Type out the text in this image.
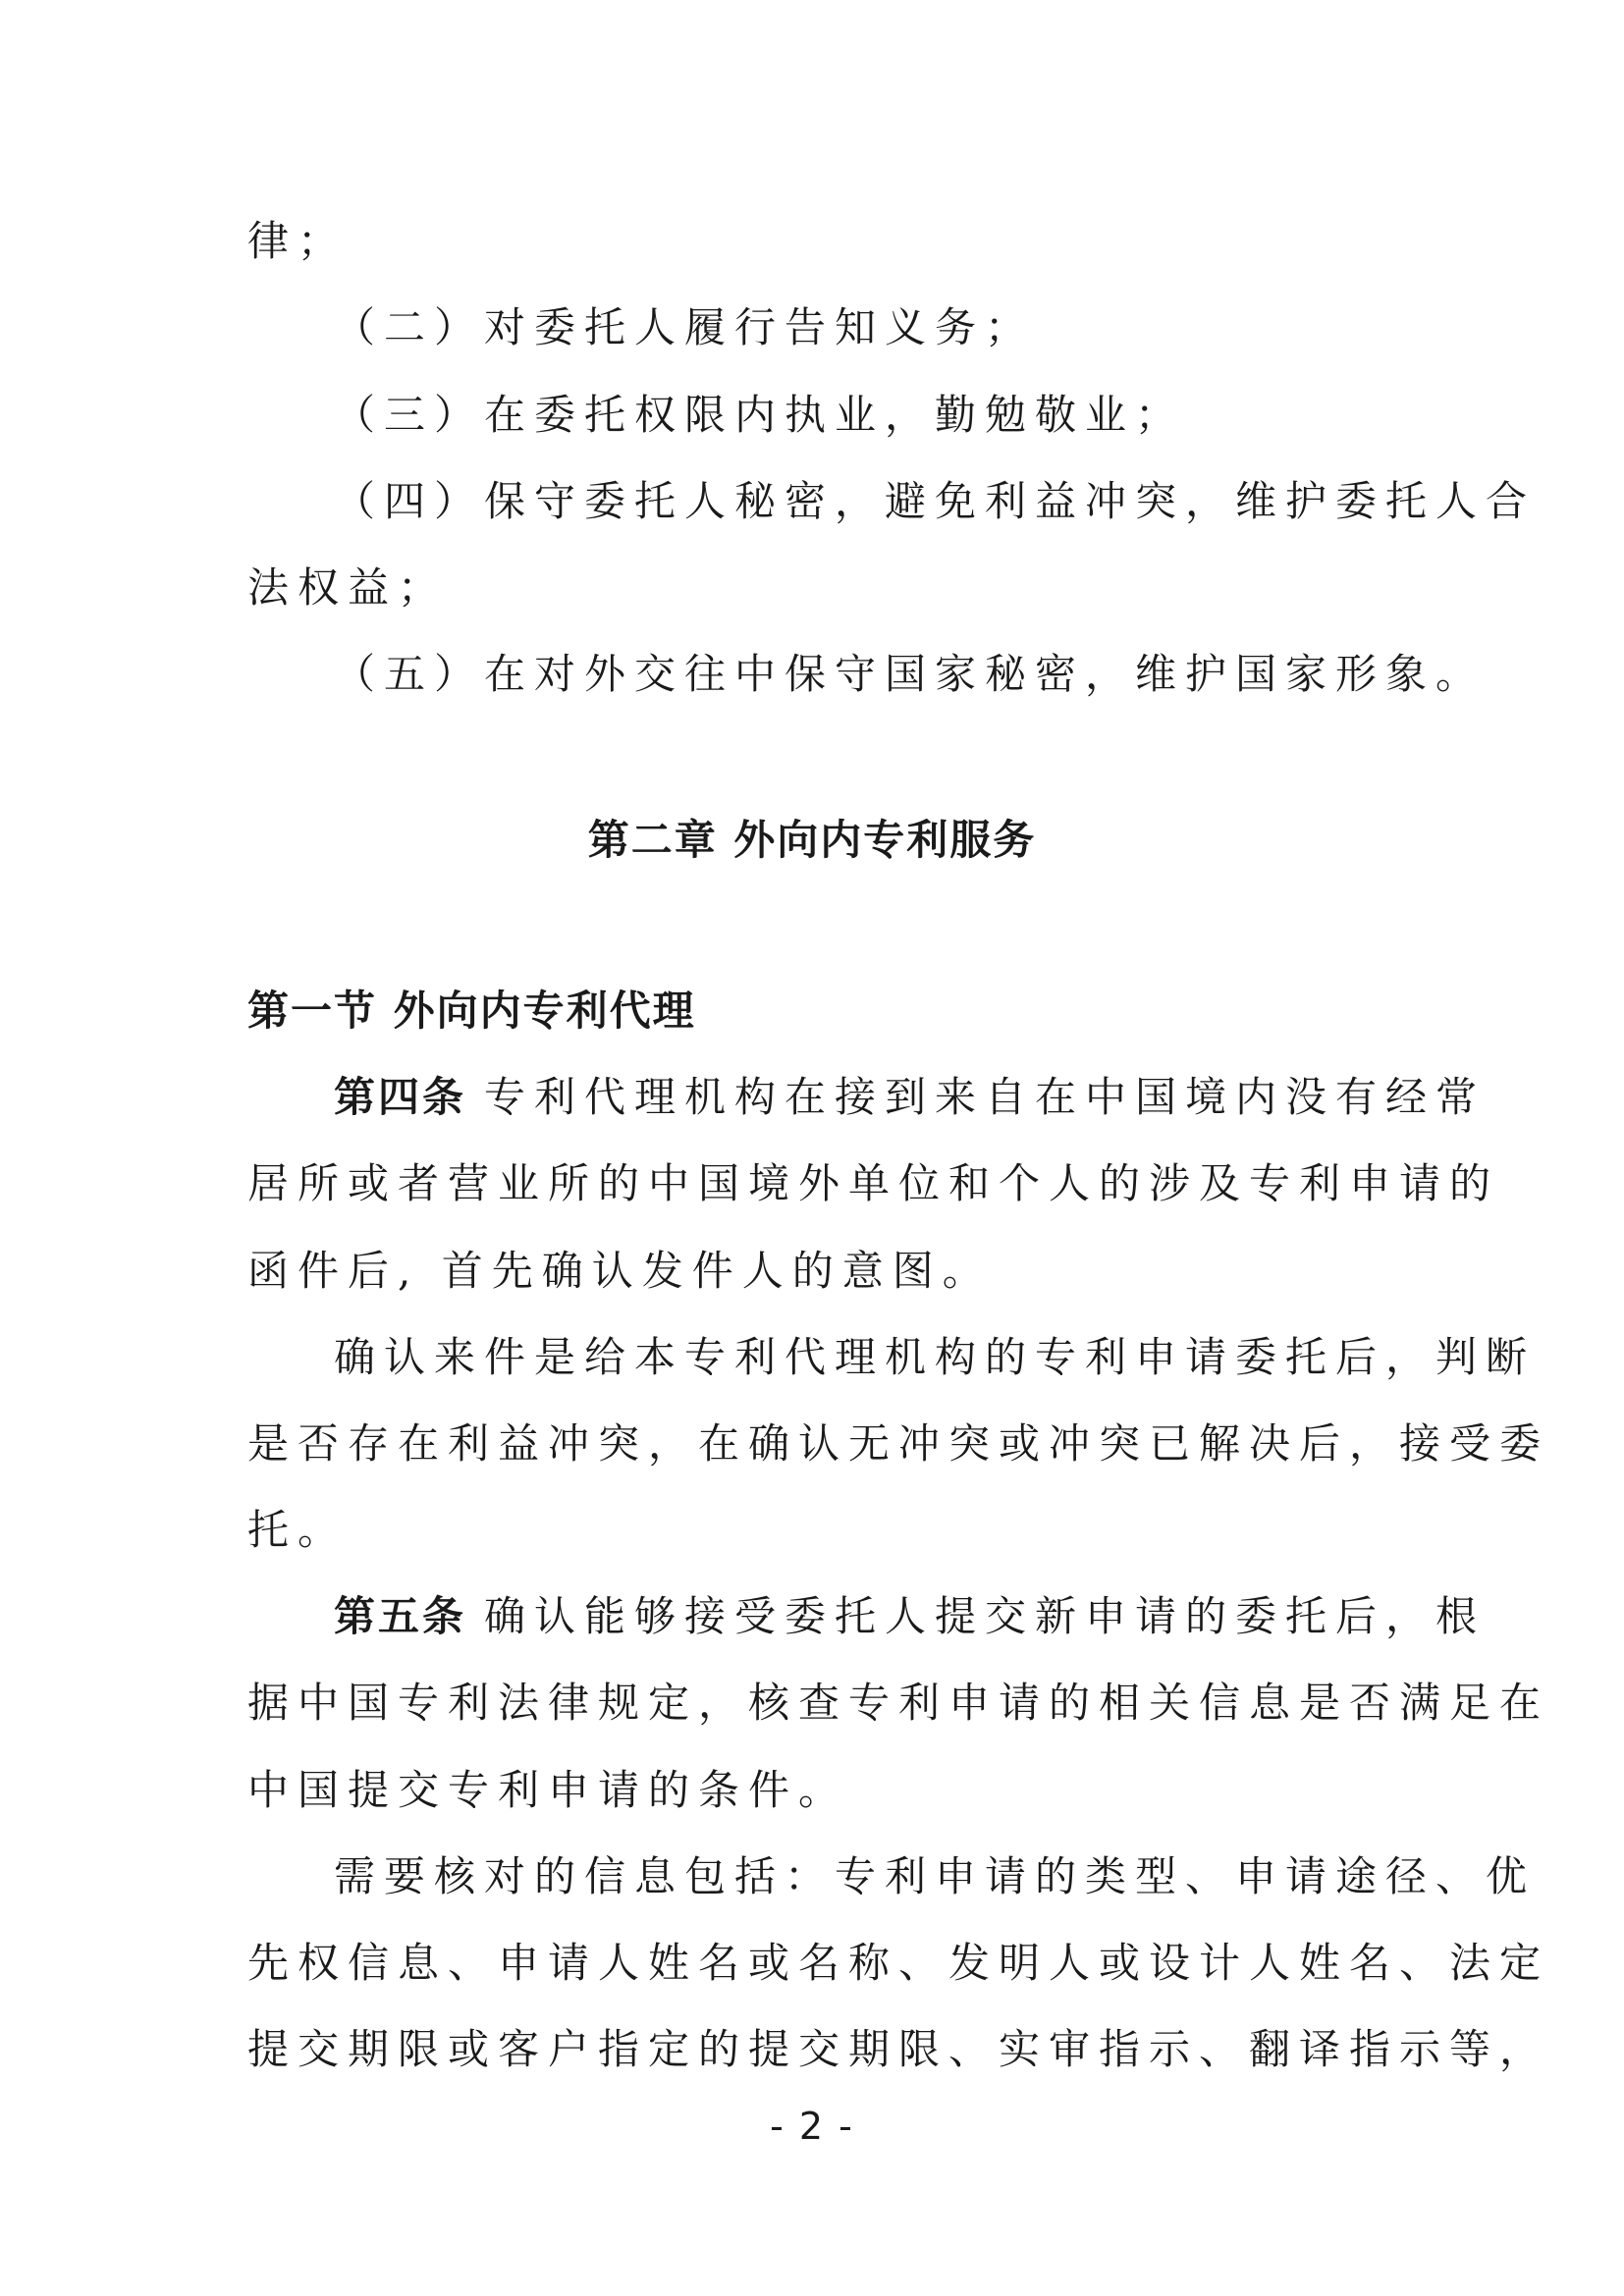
律；
（二）对委托人履行告知义务；
（三）在委托权限内执业，勤勉敬业；
（四）保守委托人秘密，避免利益冲突，维护委托人合
法权益；
（五）在对外交往中保守国家秘密，维护国家形象。
第二章 外向内专利服务
第一节 外向内专利代理
第四条 专利代理机构在接到来自在中国境内没有经常
居所或者营业所的中国境外单位和个人的涉及专利申请的
函件后, 首先确认发件人的意图。
确认来件是给本专利代理机构的专利申请委托后，判断
是否存在利益冲突，在确认无冲突或冲突已解决后，接受委
托。
第五条 确认能够接受委托人提交新申请的委托后，根
据中国专利法律规定，核查专利申请的相关信息是否满足在
中国提交专利申请的条件。
需要核对的信息包括：专利申请的类型、申请途径、优
先权信息、申请人姓名或名称、发明人或设计人姓名、法定
提交期限或客户指定的提交期限、实审指示、翻译指示等，
- 2 -
